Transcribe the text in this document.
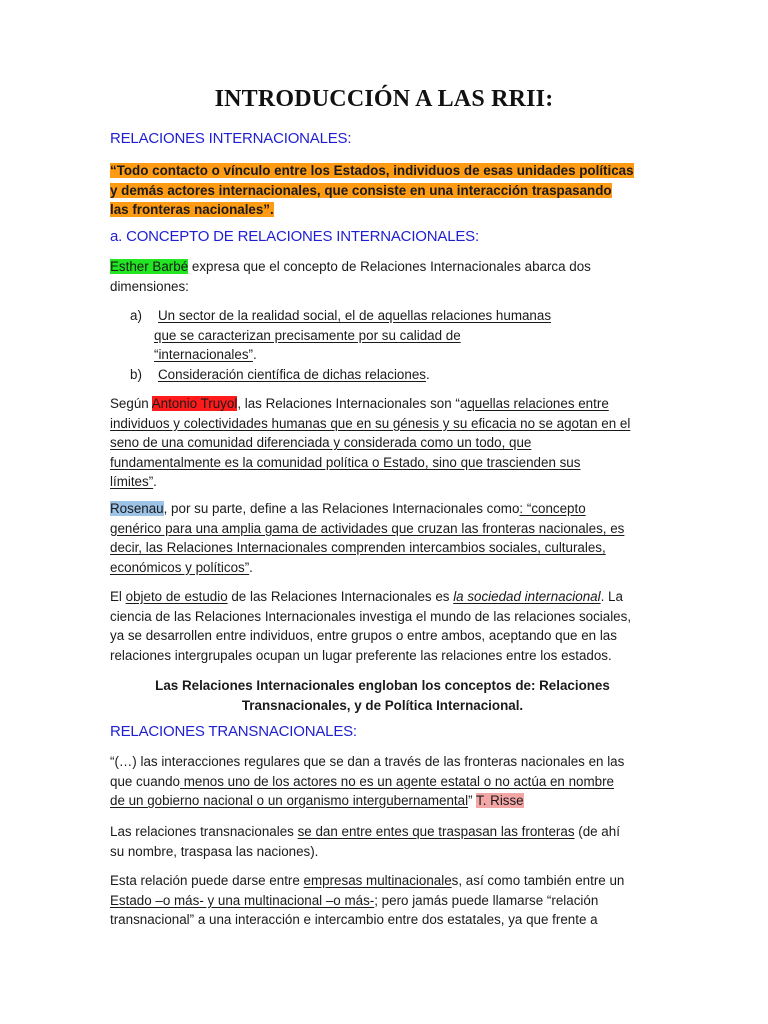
INTRODUCCIÓN A LAS RRII:
RELACIONES INTERNACIONALES:
“Todo contacto o vínculo entre los Estados, individuos de esas unidades políticas
y demás actores internacionales, que consiste en una interacción traspasando
las fronteras nacionales”.
a. CONCEPTO DE RELACIONES INTERNACIONALES:
Esther Barbé expresa que el concepto de Relaciones Internacionales abarca dos
dimensiones:
a)	Un sector de la realidad social, el de aquellas relaciones humanas
que se caracterizan precisamente por su calidad de
“internacionales”.
b)	Consideración científica de dichas relaciones.
Según Antonio Truyol, las Relaciones Internacionales son “aquellas relaciones entre
individuos y colectividades humanas que en su génesis y su eficacia no se agotan en el
seno de una comunidad diferenciada y considerada como un todo, que
fundamentalmente es la comunidad política o Estado, sino que trascienden sus
límites”.
Rosenau, por su parte, define a las Relaciones Internacionales como: “concepto
genérico para una amplia gama de actividades que cruzan las fronteras nacionales, es
decir, las Relaciones Internacionales comprenden intercambios sociales, culturales,
económicos y políticos”.
El objeto de estudio de las Relaciones Internacionales es la sociedad internacional. La
ciencia de las Relaciones Internacionales investiga el mundo de las relaciones sociales,
ya se desarrollen entre individuos, entre grupos o entre ambos, aceptando que en las
relaciones intergrupales ocupan un lugar preferente las relaciones entre los estados.
Las Relaciones Internacionales engloban los conceptos de: Relaciones
Transnacionales, y de Política Internacional.
RELACIONES TRANSNACIONALES:
“(…) las interacciones regulares que se dan a través de las fronteras nacionales en las
que cuando menos uno de los actores no es un agente estatal o no actúa en nombre
de un gobierno nacional o un organismo intergubernamental” T. Risse
Las relaciones transnacionales se dan entre entes que traspasan las fronteras (de ahí
su nombre, traspasa las naciones).
Esta relación puede darse entre empresas multinacionales, así como también entre un
Estado –o más- y una multinacional –o más-; pero jamás puede llamarse “relación
transnacional” a una interacción e intercambio entre dos estatales, ya que frente a
